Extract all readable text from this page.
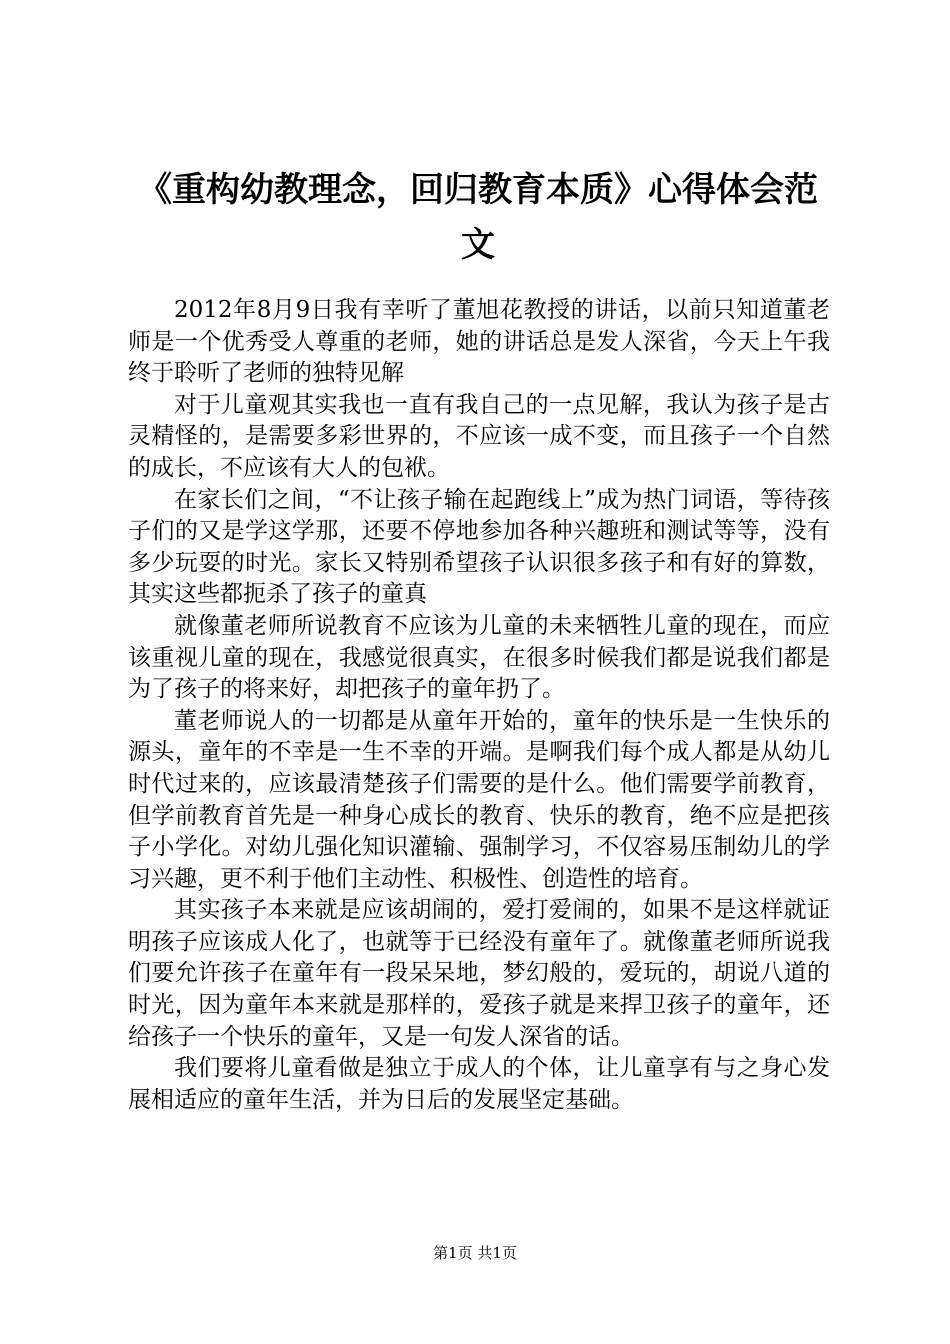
《重构幼教理念，回归教育本质》心得体会范文

2012年8月9日我有幸听了董旭花教授的讲话，以前只知道董老师是一个优秀受人尊重的老师，她的讲话总是发人深省，今天上午我终于聆听了老师的独特见解

对于儿童观其实我也一直有我自己的一点见解，我认为孩子是古灵精怪的，是需要多彩世界的，不应该一成不变，而且孩子一个自然的成长，不应该有大人的包袱。

在家长们之间，“不让孩子输在起跑线上”成为热门词语，等待孩子们的又是学这学那，还要不停地参加各种兴趣班和测试等等，没有多少玩耍的时光。家长又特别希望孩子认识很多孩子和有好的算数，其实这些都扼杀了孩子的童真

就像董老师所说教育不应该为儿童的未来牺牲儿童的现在，而应该重视儿童的现在，我感觉很真实，在很多时候我们都是说我们都是为了孩子的将来好，却把孩子的童年扔了。

董老师说人的一切都是从童年开始的，童年的快乐是一生快乐的源头，童年的不幸是一生不幸的开端。是啊我们每个成人都是从幼儿时代过来的，应该最清楚孩子们需要的是什么。他们需要学前教育，但学前教育首先是一种身心成长的教育、快乐的教育，绝不应是把孩子小学化。对幼儿强化知识灌输、强制学习，不仅容易压制幼儿的学习兴趣，更不利于他们主动性、积极性、创造性的培育。

其实孩子本来就是应该胡闹的，爱打爱闹的，如果不是这样就证明孩子应该成人化了，也就等于已经没有童年了。就像董老师所说我们要允许孩子在童年有一段呆呆地，梦幻般的，爱玩的，胡说八道的时光，因为童年本来就是那样的，爱孩子就是来捍卫孩子的童年，还给孩子一个快乐的童年，又是一句发人深省的话。

我们要将儿童看做是独立于成人的个体，让儿童享有与之身心发展相适应的童年生活，并为日后的发展坚定基础。

第1页 共1页
